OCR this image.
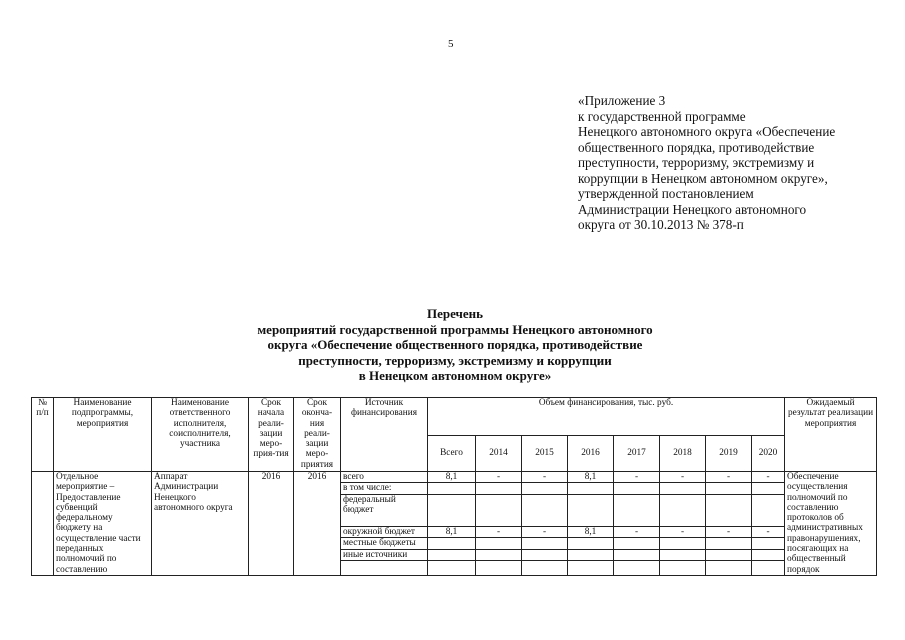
5
«Приложение 3
к государственной программе
Ненецкого автономного округа «Обеспечение
общественного порядка, противодействие
преступности, терроризму, экстремизму и
коррупции в Ненецком автономном округе»,
утвержденной постановлением
Администрации Ненецкого автономного
округа от 30.10.2013 № 378-п
Перечень
мероприятий государственной программы Ненецкого автономного
округа «Обеспечение общественного порядка, противодействие
преступности, терроризму, экстремизму и коррупции
в Ненецком автономном округе»
№ п/п	Наименование подпрограммы, мероприятия	Наименование ответственного исполнителя, соисполнителя, участника	Срок начала реали-зации меро-прия-тия	Срок оконча-ния реали-зации меро-приятия	Источник финансирования	Объем финансирования, тыс. руб.								Ожидаемый результат реализации мероприятия
						Всего	2014	2015	2016	2017	2018	2019	2020	
	Отдельное мероприятие – Предоставление субвенций федеральному бюджету на осуществление части переданных полномочий по составлению	Аппарат Администрации Ненецкого автономного округа	2016	2016	всего	8,1	-	-	8,1	-	-	-	-	Обеспечение осуществления полномочий по составлению протоколов об административных правонарушениях, посягающих на общественный порядок
					в том числе:									
					федеральный бюджет									
					окружной бюджет	8,1	-	-	8,1	-	-	-	-	
					местные бюджеты									
					иные источники									
